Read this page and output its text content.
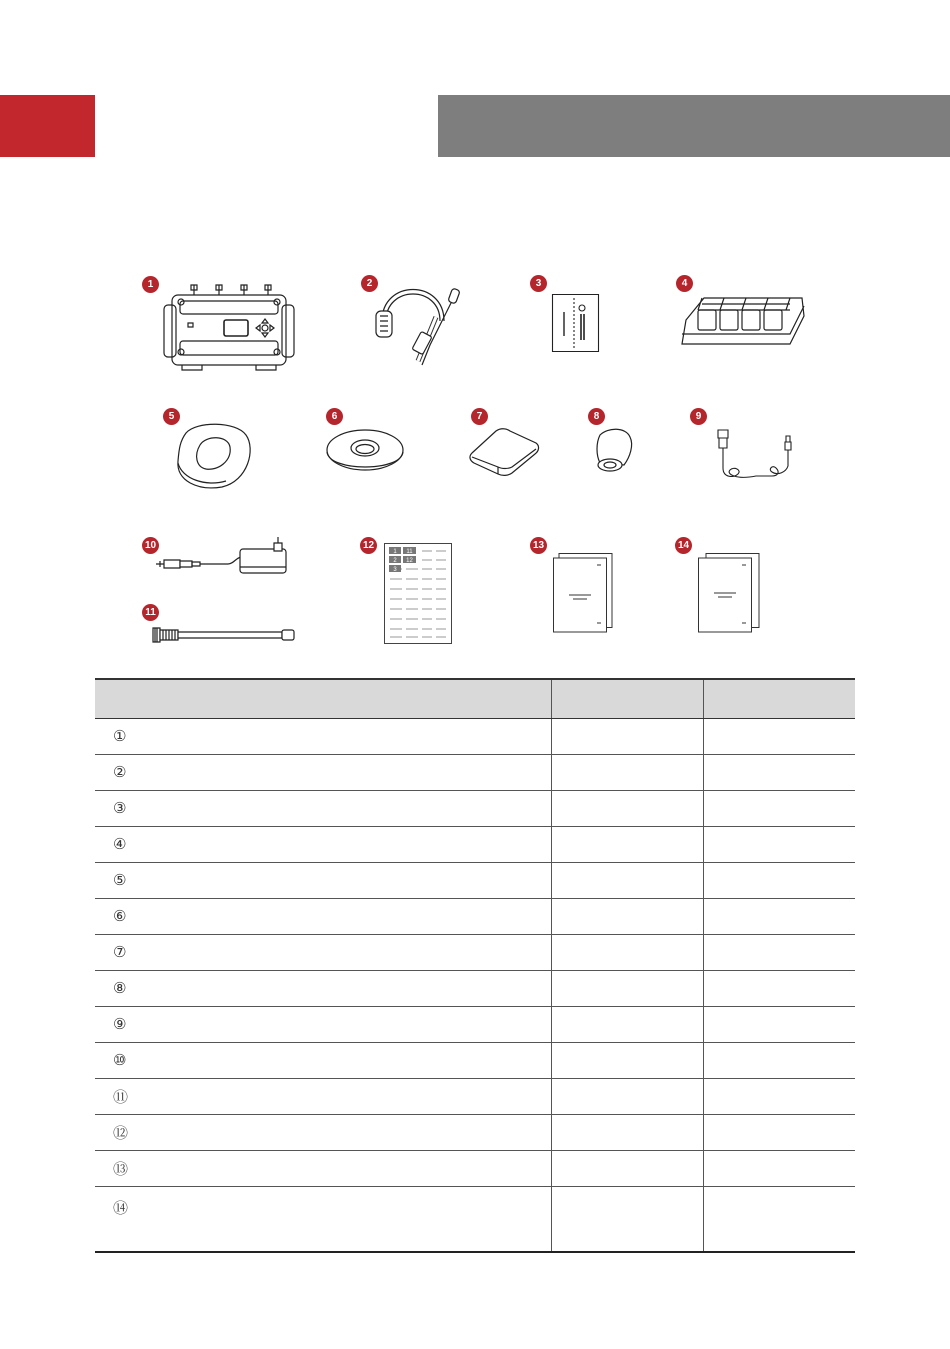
1	2	3	4
5	6	7	8	9
10
11
12
1 11
2 12
3
13	14

①		
②		
③		
④		
⑤		
⑥		
⑦		
⑧		
⑨		
⑩		
⑪		
⑫		
⑬		
⑭		
